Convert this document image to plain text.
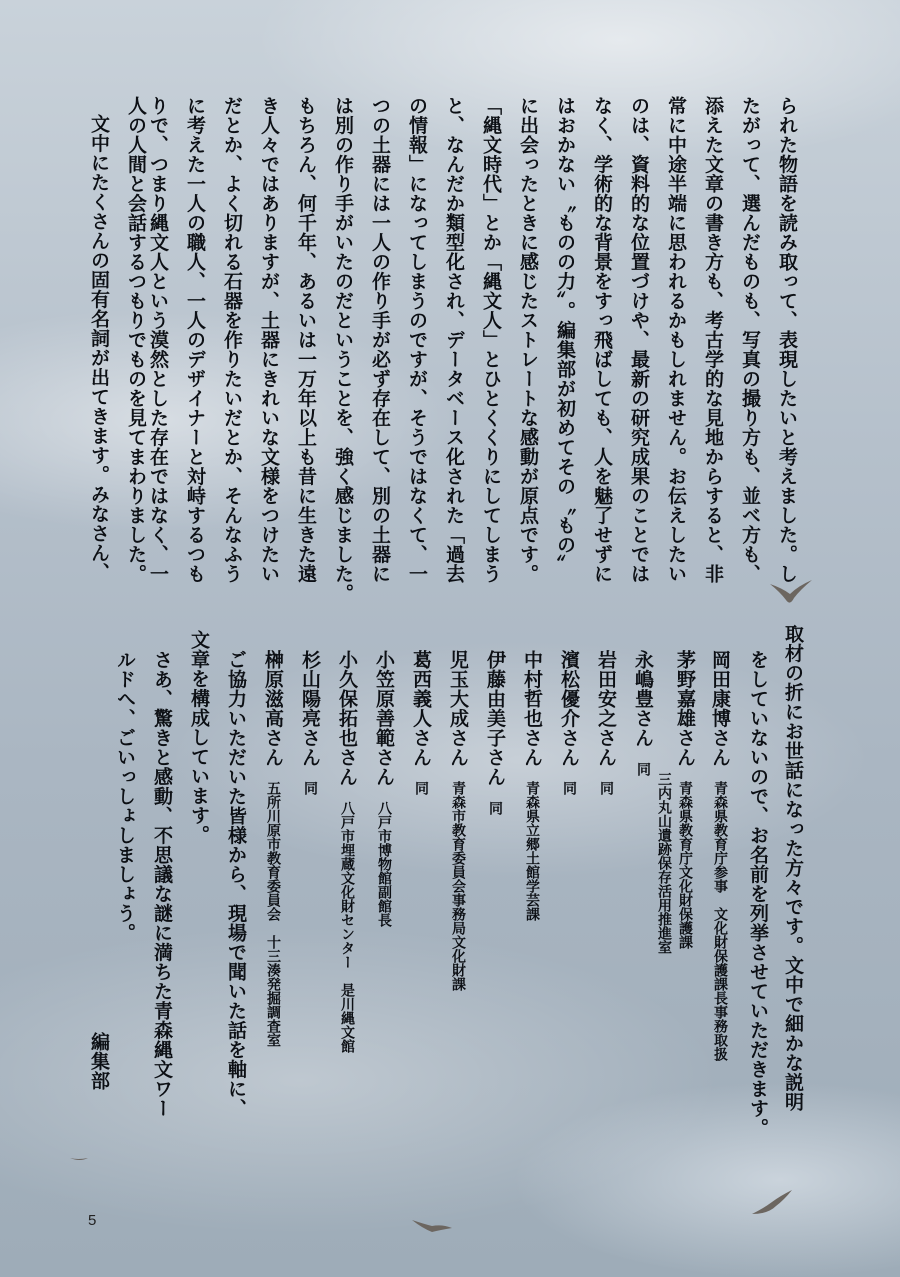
られた物語を読み取って、表現したいと考えました。し
たがって、選んだものも、写真の撮り方も、並べ方も、
添えた文章の書き方も、考古学的な見地からすると、非
常に中途半端に思われるかもしれません。お伝えしたい
のは、資料的な位置づけや、最新の研究成果のことでは
なく、学術的な背景をすっ飛ばしても、人を魅了せずに
はおかない〝ものの力〟。編集部が初めてその〝もの〟
に出会ったときに感じたストレートな感動が原点です。
「縄文時代」とか「縄文人」とひとくくりにしてしまう
と、なんだか類型化され、データベース化された「過去
の情報」になってしまうのですが、そうではなくて、一
つの土器には一人の作り手が必ず存在して、別の土器に
は別の作り手がいたのだということを、強く感じました。
もちろん、何千年、あるいは一万年以上も昔に生きた遠
き人々ではありますが、土器にきれいな文様をつけたい
だとか、よく切れる石器を作りたいだとか、そんなふう
に考えた一人の職人、一人のデザイナーと対峙するつも
りで、つまり縄文人という漠然とした存在ではなく、一
人の人間と会話するつもりでものを見てまわりました。
文中にたくさんの固有名詞が出てきます。みなさん、
取材の折にお世話になった方々です。文中で細かな説明
をしていないので、お名前を列挙させていただきます。
岡田康博さん青森県教育庁参事　文化財保護課長事務取扱
茅野嘉雄さん青森県教育庁文化財保護課
三内丸山遺跡保存活用推進室
永嶋豊さん同
岩田安之さん同
濱松優介さん同
中村哲也さん青森県立郷土館学芸課
伊藤由美子さん同
児玉大成さん青森市教育委員会事務局文化財課
葛西義人さん同
小笠原善範さん八戸市博物館副館長
小久保拓也さん八戸市埋蔵文化財センター　是川縄文館
杉山陽亮さん同
榊原滋高さん五所川原市教育委員会　十三湊発掘調査室
ご協力いただいた皆様から、現場で聞いた話を軸に、
文章を構成しています。
さあ、驚きと感動、不思議な謎に満ちた青森縄文ワー
ルドへ、ごいっしょしましょう。
編集部
5
